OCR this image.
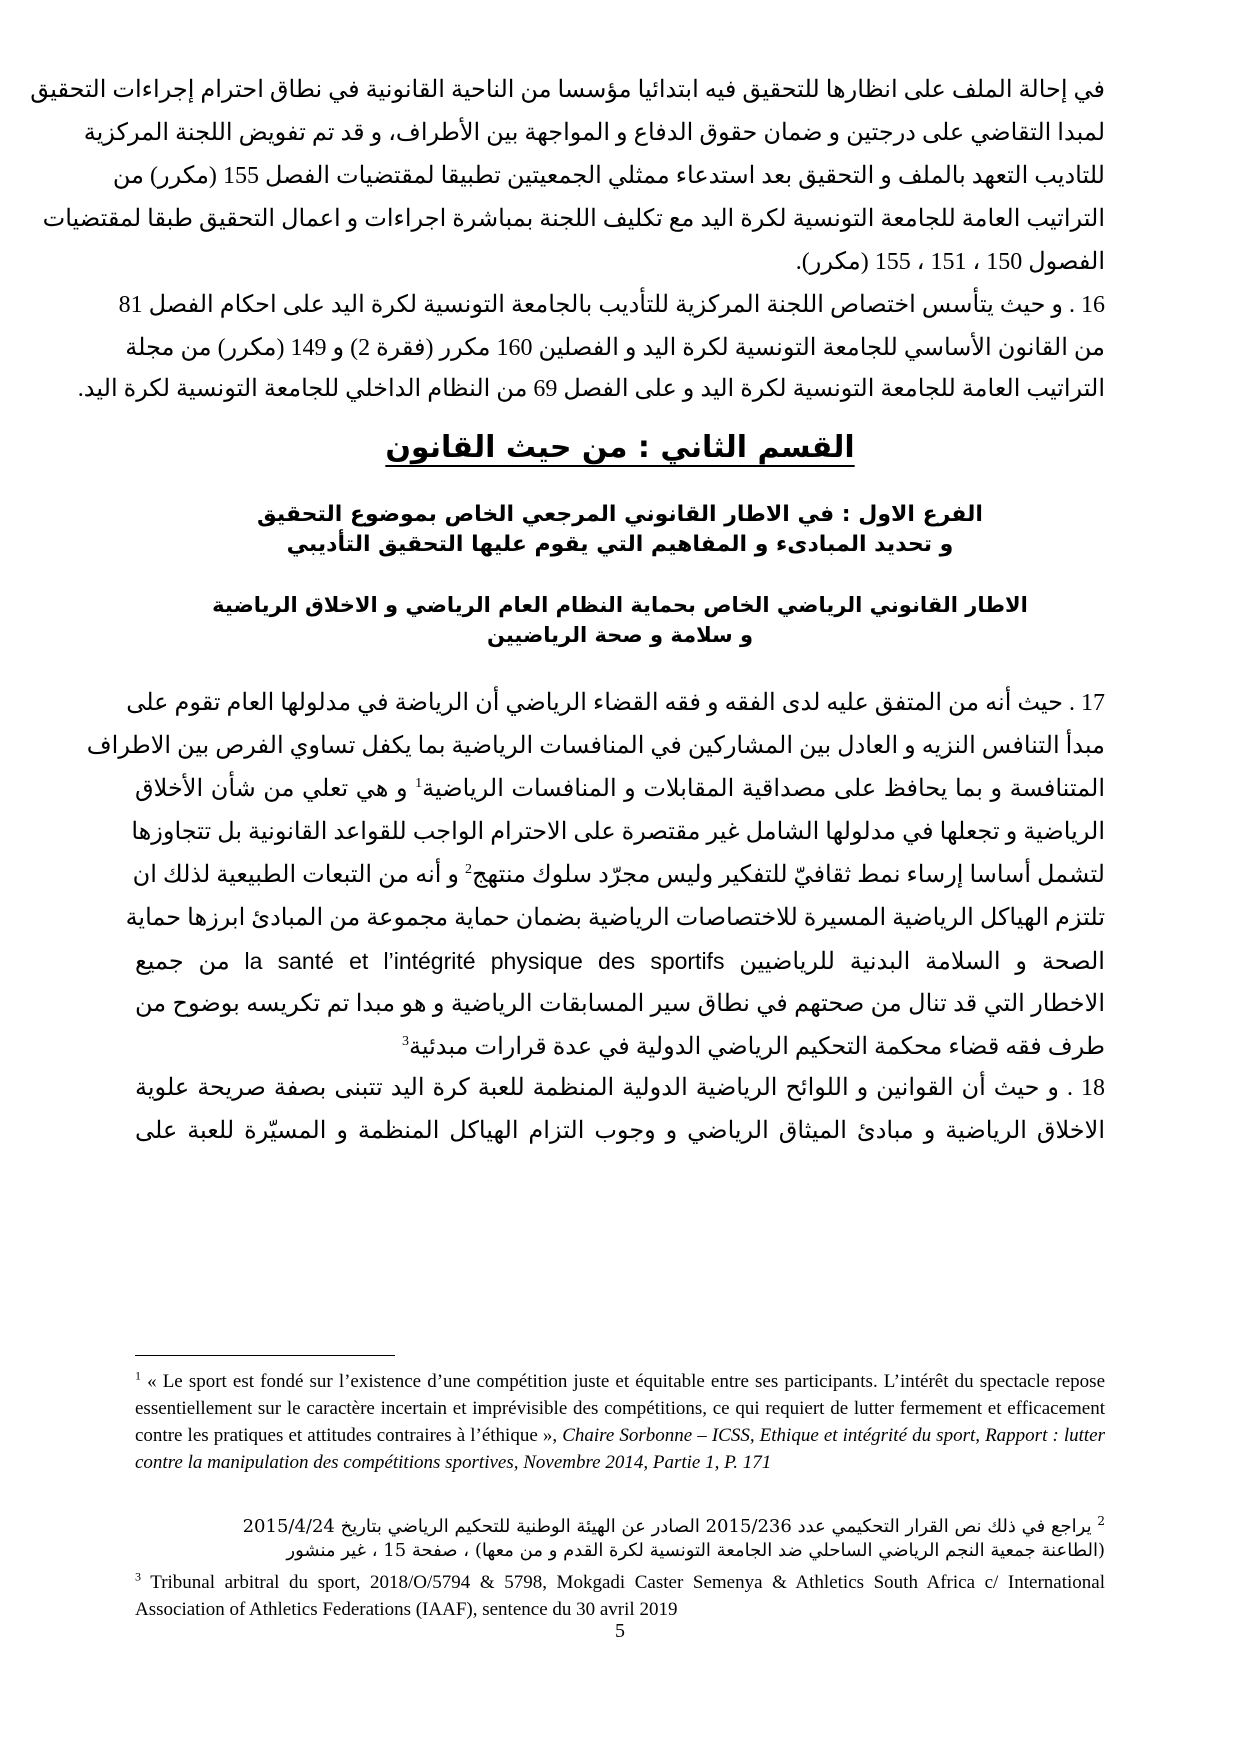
في إحالة الملف على انظارها للتحقيق فيه ابتدائيا مؤسسا من الناحية القانونية في نطاق احترام إجراءات التحقيق
لمبدا التقاضي على درجتين و ضمان حقوق الدفاع و المواجهة بين الأطراف، و قد تم تفويض اللجنة المركزية
للتاديب التعهد بالملف و التحقيق بعد استدعاء ممثلي الجمعيتين تطبيقا لمقتضيات الفصل 155 (مكرر) من
التراتيب العامة للجامعة التونسية لكرة اليد مع تكليف اللجنة بمباشرة اجراءات و اعمال التحقيق طبقا لمقتضيات
الفصول 150 ، 151 ، 155 (مكرر).
16 . و حيث يتأسس اختصاص اللجنة المركزية للتأديب بالجامعة التونسية لكرة اليد على احكام الفصل 81
من القانون الأساسي للجامعة التونسية لكرة اليد و الفصلين 160 مكرر (فقرة 2) و 149 (مكرر) من مجلة
التراتيب العامة للجامعة التونسية لكرة اليد و على الفصل 69 من النظام الداخلي للجامعة التونسية لكرة اليد.
القسم الثاني : من حيث القانون
الفرع الاول : في الاطار القانوني المرجعي الخاص بموضوع التحقيق
و تحديد المبادىء و المفاهيم التي يقوم عليها التحقيق التأديبي
الاطار القانوني الرياضي الخاص بحماية النظام العام الرياضي و الاخلاق الرياضية
و سلامة و صحة الرياضيين
17 . حيث أنه من المتفق عليه لدى الفقه و فقه القضاء الرياضي أن الرياضة في مدلولها العام تقوم على
مبدأ التنافس النزيه و العادل بين المشاركين في المنافسات الرياضية بما يكفل تساوي الفرص بين الاطراف
المتنافسة و بما يحافظ على مصداقية المقابلات و المنافسات الرياضية$^1$ و هي تعلي من شأن الأخلاق
الرياضية و تجعلها في مدلولها الشامل غير مقتصرة على الاحترام الواجب للقواعد القانونية بل تتجاوزها
لتشمل أساسا إرساء نمط ثقافيّ للتفكير وليس مجرّد سلوك منتهج$^2$ و أنه من التبعات الطبيعية لذلك ان
تلتزم الهياكل الرياضية المسيرة للاختصاصات الرياضية بضمان حماية مجموعة من المبادئ ابرزها حماية
الصحة و السلامة البدنية للرياضيين la santé et l’intégrité physique des sportifs من جميع
الاخطار التي قد تنال من صحتهم في نطاق سير المسابقات الرياضية و هو مبدا تم تكريسه بوضوح من
طرف فقه قضاء محكمة التحكيم الرياضي الدولية في عدة قرارات مبدئية$^3$
18 . و حيث أن القوانين و اللوائح الرياضية الدولية المنظمة للعبة كرة اليد تتبنى بصفة صريحة علوية
الاخلاق الرياضية و مبادئ الميثاق الرياضي و وجوب التزام الهياكل المنظمة و المسيّرة للعبة على
$^1$ « Le sport est fondé sur l’existence d’une compétition juste et équitable entre ses participants. L’intérêt du spectacle repose essentiellement sur le caractère incertain et imprévisible des compétitions, ce qui requiert de lutter fermement et efficacement contre les pratiques et attitudes contraires à l’éthique », Chaire Sorbonne – ICSS, Ethique et intégrité du sport, Rapport : lutter contre la manipulation des compétitions sportives, Novembre 2014, Partie 1, P. 171
$^2$ يراجع في ذلك نص القرار التحكيمي عدد 2015/236 الصادر عن الهيئة الوطنية للتحكيم الرياضي بتاريخ 2015/4/24
(الطاعنة جمعية النجم الرياضي الساحلي ضد الجامعة التونسية لكرة القدم و من معها) ، صفحة 15 ، غير منشور
$^3$ Tribunal arbitral du sport, 2018/O/5794 & 5798, Mokgadi Caster Semenya & Athletics South Africa c/ International Association of Athletics Federations (IAAF), sentence du 30 avril 2019
5
